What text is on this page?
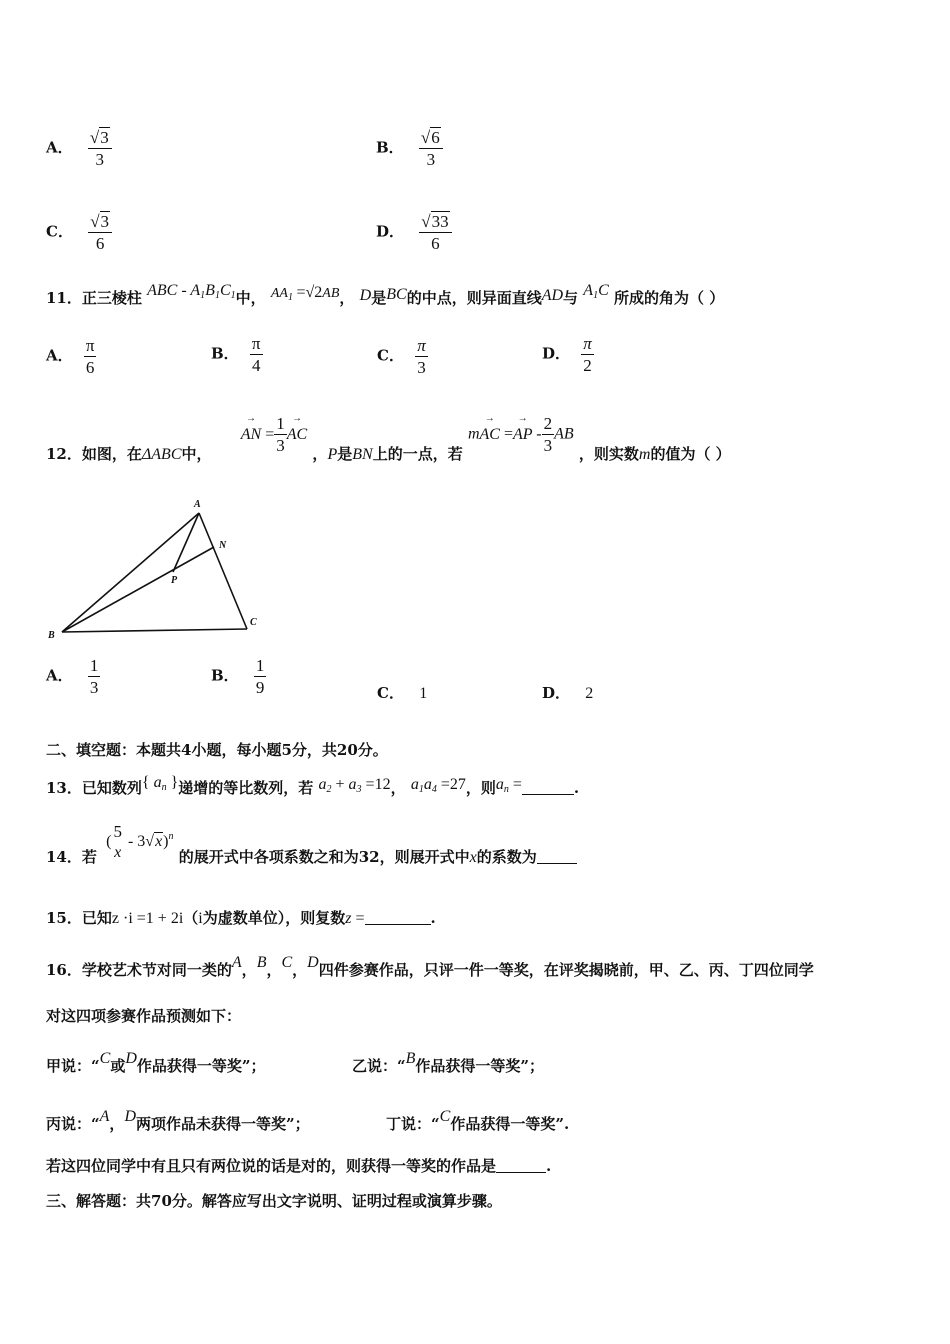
A． $\frac{√3}{3}$	B． $\frac{√6}{3}$
C． $\frac{√3}{6}$	D． $\frac{√33}{6}$
11．正三棱柱 ABC - $A_1B_1C_1$中， $AA_1 =√2AB$， D是BC的中点，则异面直线AD与 $A_1C$ 所成的角为（ ）
A． $\frac{\pi}{6}$	B． $\frac{\pi}{4}$	C． $\frac{\pi}{3}$	D． $\frac{\pi}{2}$
12．如图，在ΔABC中， → AN = $\frac{1}{3}$
→ AC ，P是BN上的一点，若 m→ AC =→ AP - $\frac{2}{3}$ AB ，则实数m的值为（ ）
A
N
P
B
C
A． $\frac{1}{3}$	B． $\frac{1}{9}$	C． 1	D． 2
二、填空题：本题共4小题，每小题5分，共20分。
13．已知数列{ $a_n$ }递增的等比数列，若 $a_2 + a_3 =12$， $a_1a_4 =27$，则$a_n$ =	.
14．若 (
5
x
- 3√x)$^n$ 的展开式中各项系数之和为32，则展开式中x的系数为
15．已知z ·i =1 + 2i（i为虚数单位），则复数z =	.
16．学校艺术节对同一类的A，B，C，D四件参赛作品，只评一件一等奖，在评奖揭晓前，甲、乙、丙、丁四位同学
对这四项参赛作品预测如下：
甲说：“C或D作品获得一等奖”；	乙说：“B作品获得一等奖”；
丙说：“A，D两项作品未获得一等奖”；	丁说：“C作品获得一等奖”.
若这四位同学中有且只有两位说的话是对的，则获得一等奖的作品是	.
三、解答题：共70分。解答应写出文字说明、证明过程或演算步骤。
